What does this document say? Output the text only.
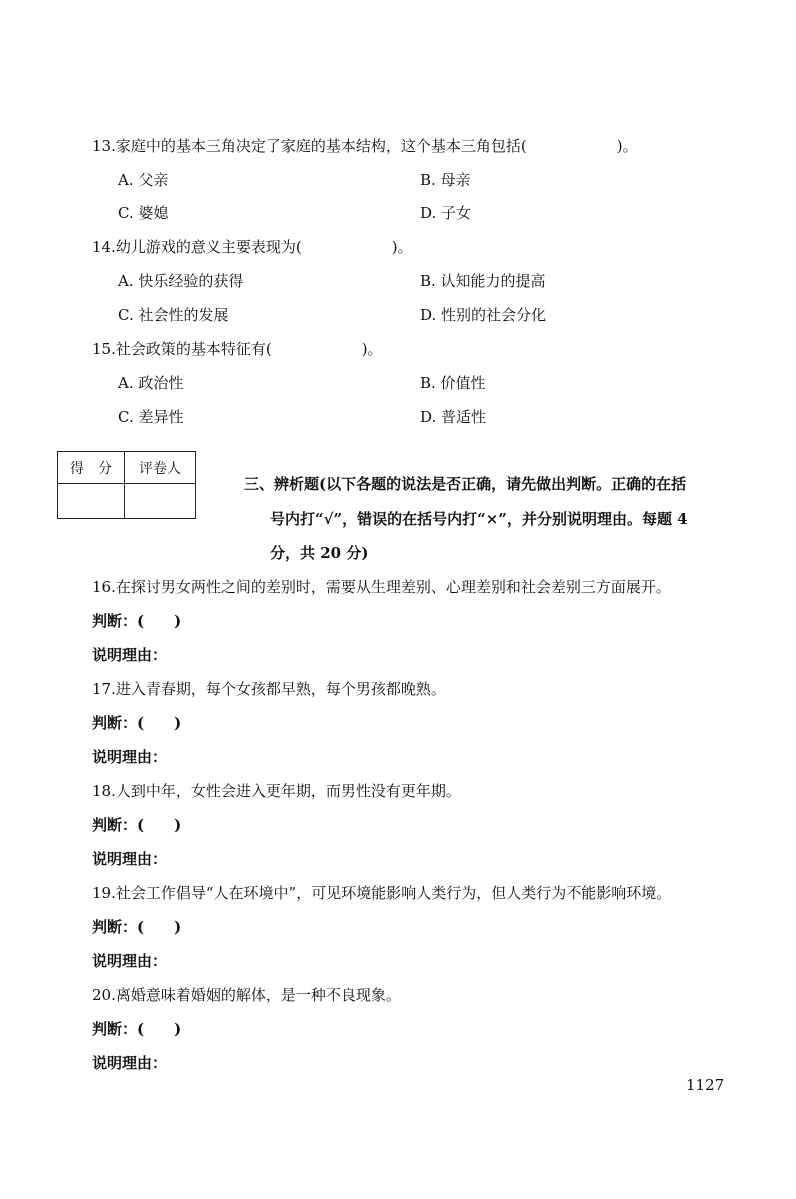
13.家庭中的基本三角决定了家庭的基本结构，这个基本三角包括(　　　　　　)。
A. 父亲	B. 母亲
C. 婆媳	D. 子女
14.幼儿游戏的意义主要表现为(　　　　　　)。
A. 快乐经验的获得	B. 认知能力的提高
C. 社会性的发展	D. 性别的社会分化
15.社会政策的基本特征有(　　　　　　)。
A. 政治性	B. 价值性
C. 差异性	D. 普适性
得　分	评卷人

三、辨析题(以下各题的说法是否正确，请先做出判断。正确的在括
号内打“√”，错误的在括号内打“×”，并分别说明理由。每题 4
分，共 20 分)
16.在探讨男女两性之间的差别时，需要从生理差别、心理差别和社会差别三方面展开。
判断：(　　)
说明理由：
17.进入青春期，每个女孩都早熟，每个男孩都晚熟。
判断：(　　)
说明理由：
18.人到中年，女性会进入更年期，而男性没有更年期。
判断：(　　)
说明理由：
19.社会工作倡导“人在环境中”，可见环境能影响人类行为，但人类行为不能影响环境。
判断：(　　)
说明理由：
20.离婚意味着婚姻的解体，是一种不良现象。
判断：(　　)
说明理由：
1127
